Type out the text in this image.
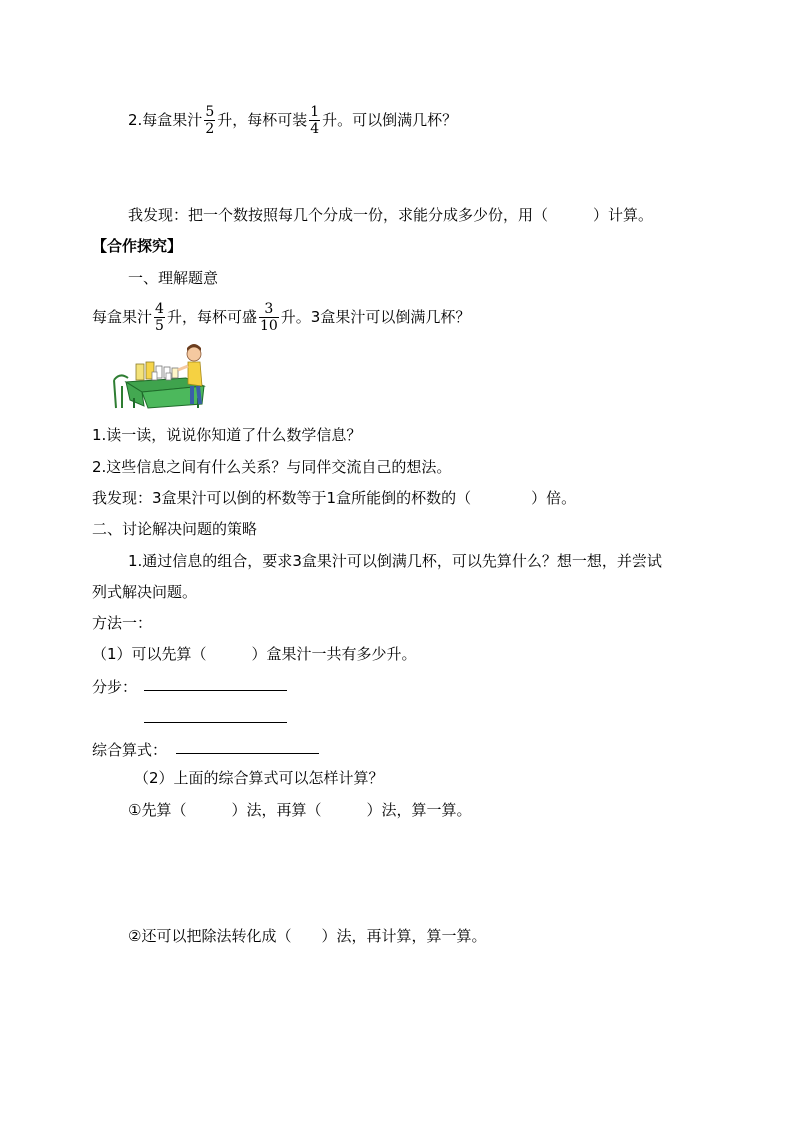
2.每盒果汁 $\frac{5}{2}$ 升，每杯可装 $\frac{1}{4}$ 升。可以倒满几杯？
我发现：把一个数按照每几个分成一份，求能分成多少份，用（　　　）计算。
【合作探究】
一、理解题意
每盒果汁 $\frac{4}{5}$ 升，每杯可盛 $\frac{3}{10}$ 升。3盒果汁可以倒满几杯？
1.读一读，说说你知道了什么数学信息？
2.这些信息之间有什么关系？与同伴交流自己的想法。
我发现：3盒果汁可以倒的杯数等于1盒所能倒的杯数的（　　　　）倍。
二、讨论解决问题的策略
1.通过信息的组合，要求3盒果汁可以倒满几杯，可以先算什么？想一想，并尝试
列式解决问题。
方法一：
（1）可以先算（　　　）盒果汁一共有多少升。
分步：
综合算式：
（2）上面的综合算式可以怎样计算？
①先算（　　　）法，再算（　　　）法，算一算。
②还可以把除法转化成（　　）法，再计算，算一算。
